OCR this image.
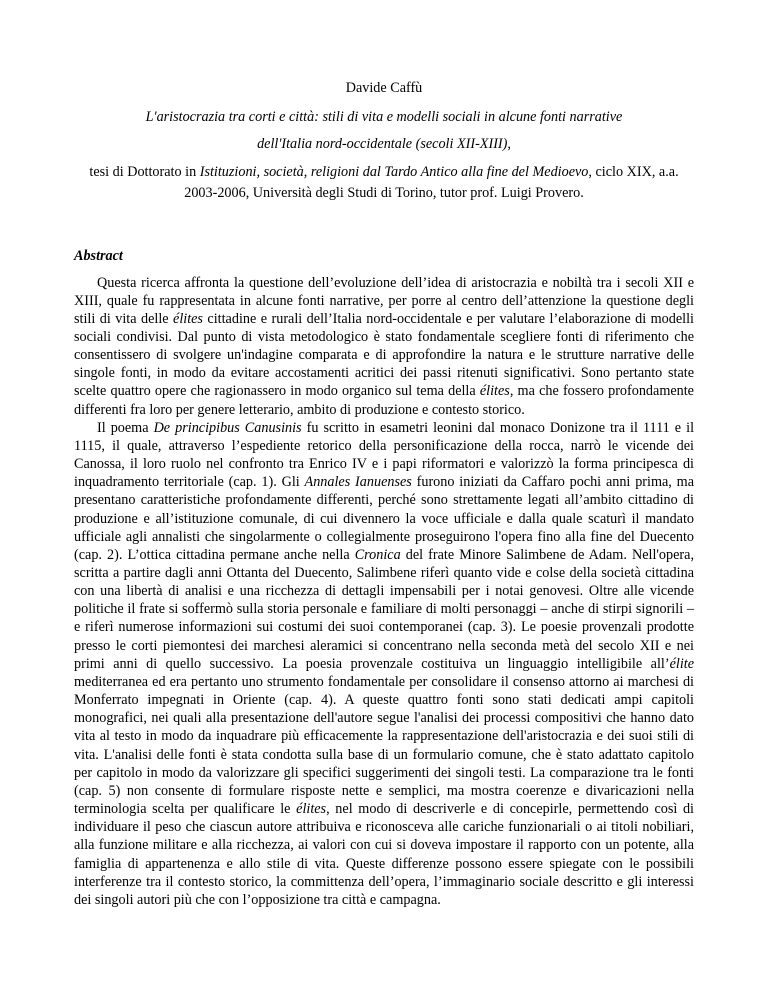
Davide Caffù
L'aristocrazia tra corti e città: stili di vita e modelli sociali in alcune fonti narrative
dell'Italia nord-occidentale (secoli XII-XIII),
tesi di Dottorato in Istituzioni, società, religioni dal Tardo Antico alla fine del Medioevo, ciclo XIX, a.a. 2003-2006, Università degli Studi di Torino, tutor prof. Luigi Provero.
Abstract

Questa ricerca affronta la questione dell’evoluzione dell’idea di aristocrazia e nobiltà tra i secoli XII e XIII, quale fu rappresentata in alcune fonti narrative, per porre al centro dell’attenzione la questione degli stili di vita delle élites cittadine e rurali dell’Italia nord-occidentale e per valutare l’elaborazione di modelli sociali condivisi. Dal punto di vista metodologico è stato fondamentale scegliere fonti di riferimento che consentissero di svolgere un'indagine comparata e di approfondire la natura e le strutture narrative delle singole fonti, in modo da evitare accostamenti acritici dei passi ritenuti significativi. Sono pertanto state scelte quattro opere che ragionassero in modo organico sul tema della élites, ma che fossero profondamente differenti fra loro per genere letterario, ambito di produzione e contesto storico.

Il poema De principibus Canusinis fu scritto in esametri leonini dal monaco Donizone tra il 1111 e il 1115, il quale, attraverso l’espediente retorico della personificazione della rocca, narrò le vicende dei Canossa, il loro ruolo nel confronto tra Enrico IV e i papi riformatori e valorizzò la forma principesca di inquadramento territoriale (cap. 1). Gli Annales Ianuenses furono iniziati da Caffaro pochi anni prima, ma presentano caratteristiche profondamente differenti, perché sono strettamente legati all’ambito cittadino di produzione e all’istituzione comunale, di cui divennero la voce ufficiale e dalla quale scaturì il mandato ufficiale agli annalisti che singolarmente o collegialmente proseguirono l'opera fino alla fine del Duecento (cap. 2). L’ottica cittadina permane anche nella Cronica del frate Minore Salimbene de Adam. Nell'opera, scritta a partire dagli anni Ottanta del Duecento, Salimbene riferì quanto vide e colse della società cittadina con una libertà di analisi e una ricchezza di dettagli impensabili per i notai genovesi. Oltre alle vicende politiche il frate si soffermò sulla storia personale e familiare di molti personaggi – anche di stirpi signorili – e riferì numerose informazioni sui costumi dei suoi contemporanei (cap. 3). Le poesie provenzali prodotte presso le corti piemontesi dei marchesi aleramici si concentrano nella seconda metà del secolo XII e nei primi anni di quello successivo. La poesia provenzale costituiva un linguaggio intelligibile all’élite mediterranea ed era pertanto uno strumento fondamentale per consolidare il consenso attorno ai marchesi di Monferrato impegnati in Oriente (cap. 4). A queste quattro fonti sono stati dedicati ampi capitoli monografici, nei quali alla presentazione dell'autore segue l'analisi dei processi compositivi che hanno dato vita al testo in modo da inquadrare più efficacemente la rappresentazione dell'aristocrazia e dei suoi stili di vita. L'analisi delle fonti è stata condotta sulla base di un formulario comune, che è stato adattato capitolo per capitolo in modo da valorizzare gli specifici suggerimenti dei singoli testi. La comparazione tra le fonti (cap. 5) non consente di formulare risposte nette e semplici, ma mostra coerenze e divaricazioni nella terminologia scelta per qualificare le élites, nel modo di descriverle e di concepirle, permettendo così di individuare il peso che ciascun autore attribuiva e riconosceva alle cariche funzionariali o ai titoli nobiliari, alla funzione militare e alla ricchezza, ai valori con cui si doveva impostare il rapporto con un potente, alla famiglia di appartenenza e allo stile di vita. Queste differenze possono essere spiegate con le possibili interferenze tra il contesto storico, la committenza dell’opera, l’immaginario sociale descritto e gli interessi dei singoli autori più che con l’opposizione tra città e campagna.
